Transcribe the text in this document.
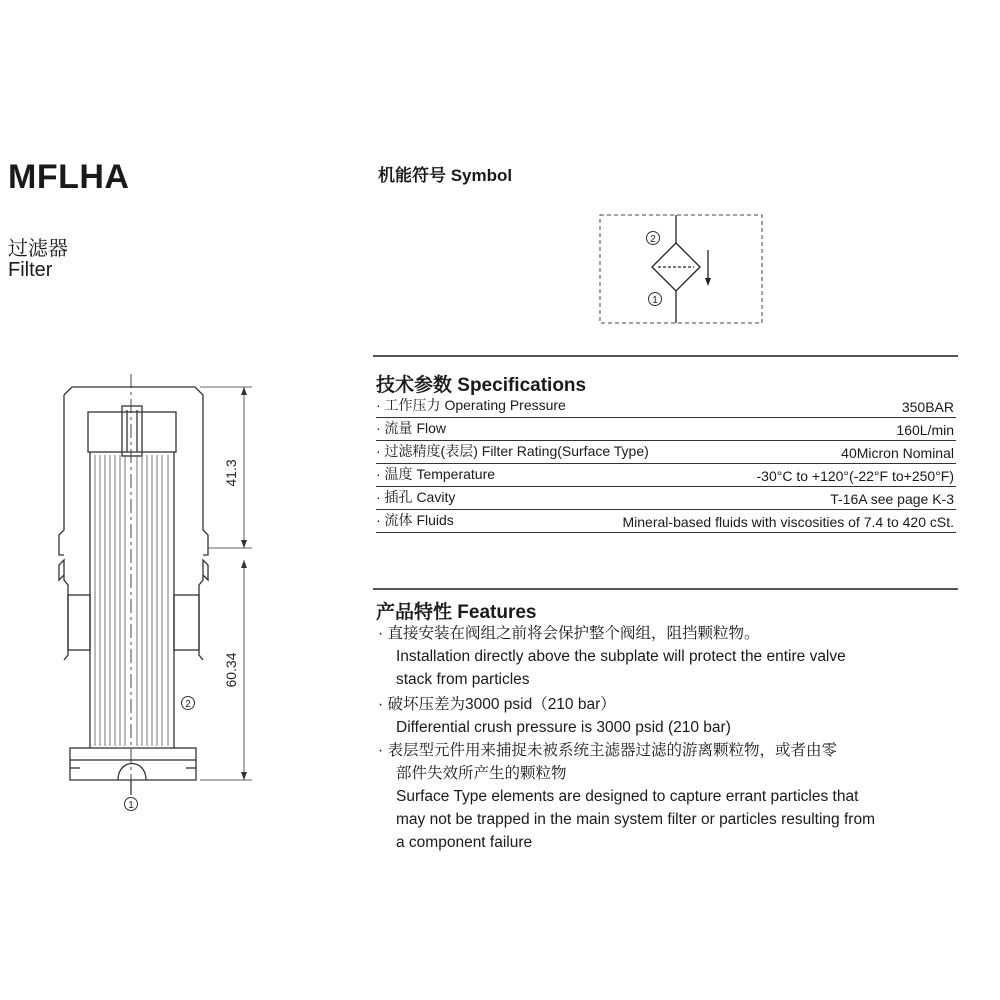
MFLHA
过滤器
Filter
41.3
60.34
2
1
机能符号 Symbol
2
1
技术参数 Specifications
· 工作压力 Operating Pressure	350BAR
· 流量 Flow	160L/min
· 过滤精度(表层) Filter Rating(Surface Type)	40Micron Nominal
· 温度 Temperature	-30°C to +120°(-22°F to+250°F)
· 插孔 Cavity	T-16A see page K-3
· 流体 Fluids	Mineral-based fluids with viscosities of 7.4 to 420 cSt.
产品特性 Features
· 直接安装在阀组之前将会保护整个阀组，阻挡颗粒物。
Installation directly above the subplate will protect the entire valve
stack from particles
· 破坏压差为3000 psid（210 bar）
Differential crush pressure is 3000 psid (210 bar)
· 表层型元件用来捕捉未被系统主滤器过滤的游离颗粒物，或者由零
部件失效所产生的颗粒物
Surface Type elements are designed to capture errant particles that
may not be trapped in the main system filter or particles resulting from
a component failure
